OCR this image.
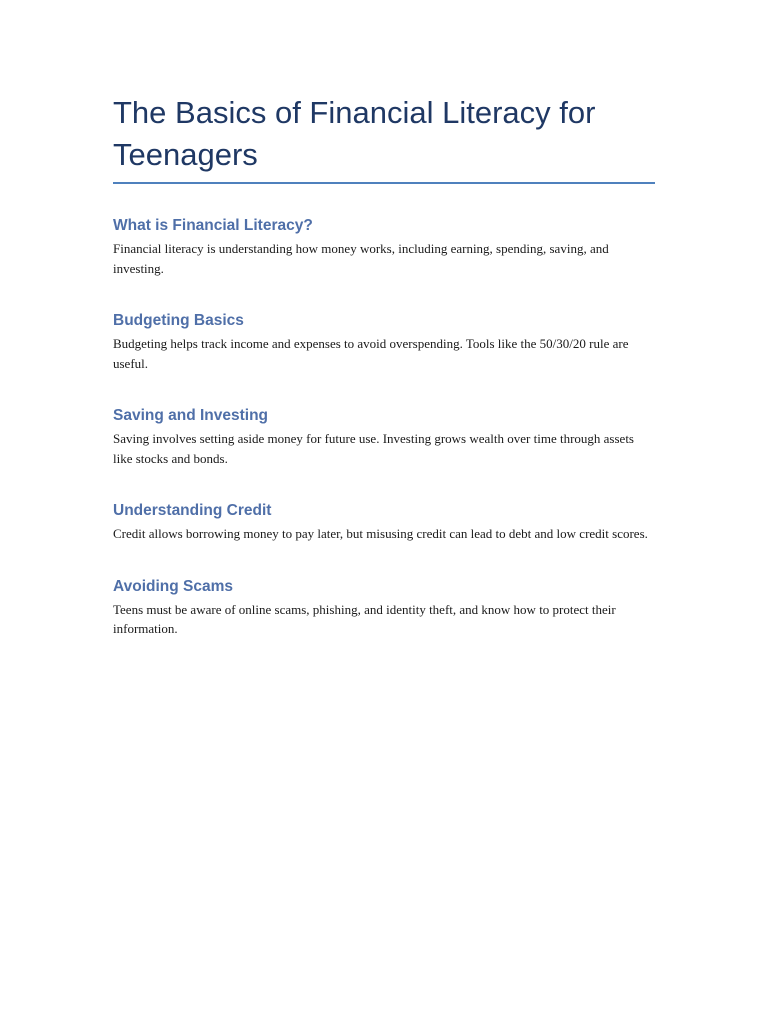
The Basics of Financial Literacy for Teenagers
What is Financial Literacy?

Financial literacy is understanding how money works, including earning, spending, saving, and investing.

Budgeting Basics

Budgeting helps track income and expenses to avoid overspending. Tools like the 50/30/20 rule are useful.

Saving and Investing

Saving involves setting aside money for future use. Investing grows wealth over time through assets like stocks and bonds.

Understanding Credit

Credit allows borrowing money to pay later, but misusing credit can lead to debt and low credit scores.

Avoiding Scams

Teens must be aware of online scams, phishing, and identity theft, and know how to protect their information.
